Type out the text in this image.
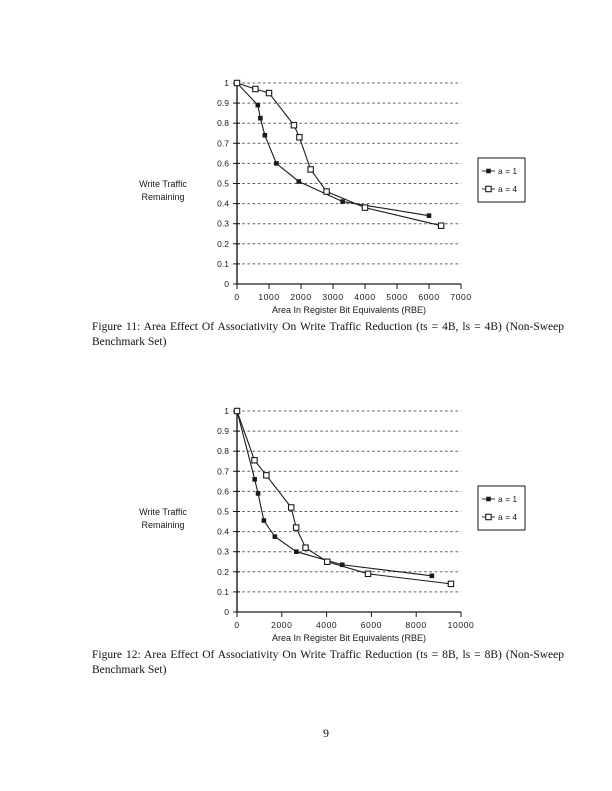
0
0.1
0.2
0.3
0.4
0.5
0.6
0.7
0.8
0.9
1
0 1000 2000 3000 4000 5000 6000 7000
Area In Register Bit Equivalents (RBE)
Write Traffic
Remaining
a = 1
a = 4
Figure 11: Area Effect Of Associativity On Write Traffic Reduction (ts = 4B, ls = 4B) (Non-Sweep Benchmark Set)
0
0.1
0.2
0.3
0.4
0.5
0.6
0.7
0.8
0.9
1
0	2000	4000	6000	8000 10000
Area In Register Bit Equivalents (RBE)
Write Traffic
Remaining
a = 1
a = 4
Figure 12: Area Effect Of Associativity On Write Traffic Reduction (ts = 8B, ls = 8B) (Non-Sweep Benchmark Set)
9
